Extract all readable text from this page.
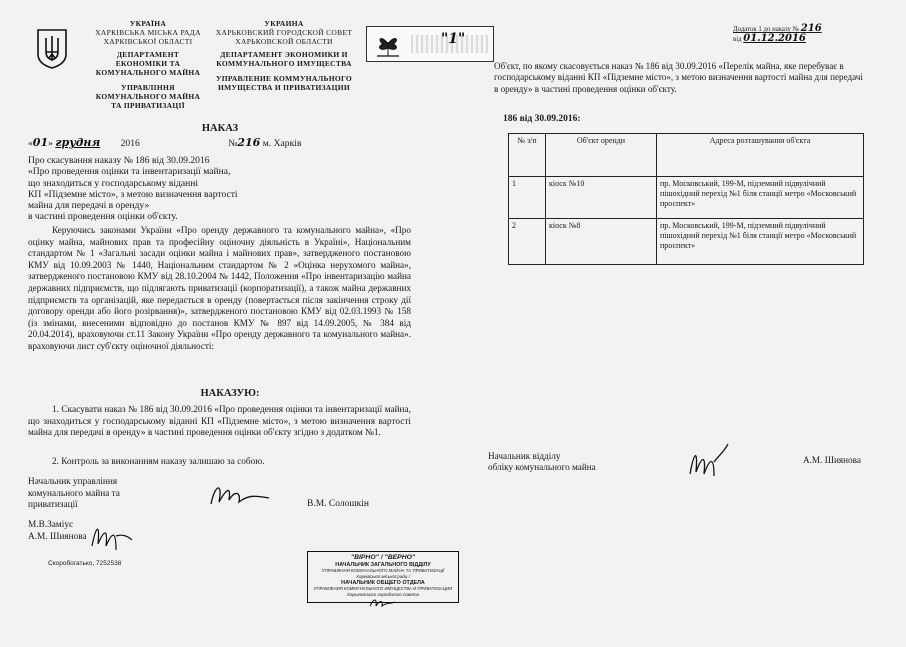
УКРАЇНА
ХАРКІВСЬКА МІСЬКА РАДА
ХАРКІВСЬКОЇ ОБЛАСТІ
ДЕПАРТАМЕНТ
ЕКОНОМІКИ ТА
КОМУНАЛЬНОГО МАЙНА
УПРАВЛІННЯ
КОМУНАЛЬНОГО МАЙНА
ТА ПРИВАТИЗАЦІЇ
УКРАИНА
ХАРЬКОВСКИЙ ГОРОДСКОЙ СОВЕТ
ХАРЬКОВСКОЙ ОБЛАСТИ
ДЕПАРТАМЕНТ ЭКОНОМИКИ И
КОММУНАЛЬНОГО ИМУЩЕСТВА
УПРАВЛЕНИЕ КОММУНАЛЬНОГО
ИМУЩЕСТВА И ПРИВАТИЗАЦИИ
НАКАЗ
«01» грудня 2016	№216 м. Харків
Про скасування наказу № 186 від 30.09.2016
«Про проведення оцінки та інвентаризації майна,
що знаходиться у господарському віданні
КП «Підземне місто», з метою визначення вартості
майна для передачі в оренду»
в частині проведення оцінки об'єкту.
Керуючись законами України «Про оренду державного та комунального майна», «Про оцінку майна, майнових прав та професійну оціночну діяльність в Україні», Національним стандартом № 1 «Загальні засади оцінки майна і майнових прав», затвердженого постановою КМУ від 10.09.2003 № 1440, Національним стандартом № 2 «Оцінка нерухомого майна», затвердженого постановою КМУ від 28.10.2004 № 1442, Положення «Про інвентаризацію майна державних підприємств, що підлягають приватизації (корпоратизації), а також майна державних підприємств та організацій, яке передається в оренду (повертається після закінчення строку дії договору оренди або його розірвання)», затвердженого постановою КМУ від 02.03.1993 № 158 (із змінами, внесеними відповідно до постанов КМУ № 897 від 14.09.2005, № 384 від 20.04.2014), враховуючи ст.11 Закону України «Про оренду державного та комунального майна». враховуючи лист суб'єкту оціночної діяльності:
НАКАЗУЮ:
1. Скасувати наказ № 186 від 30.09.2016 «Про проведення оцінки та інвентаризації майна, що знаходиться у господарському віданні КП «Підземне місто», з метою визначення вартості майна для передачі в оренду» в частині проведення оцінки об'єкту згідно з додатком №1.
2. Контроль за виконанням наказу залишаю за собою.
Начальник управління
комунального майна та
приватизації	В.М. Солошкін
М.В.Заміус
А.М. Шиянова
Скоробогатько, 7252538
"ВІРНО" / "ВЕРНО"
НАЧАЛЬНИК ЗАГАЛЬНОГО ВІДДІЛУ
УПРАВЛІННЯ КОМУНАЛЬНОГО МАЙНА ТА ПРИВАТИЗАЦІЇ
Харківської міської ради /
НАЧАЛЬНИК ОБЩЕГО ОТДЕЛА
УПРАВЛЕНИЯ КОММУНАЛЬНОГО ИМУЩЕСТВА И ПРИВАТИЗАЦИИ
Харьковского городского совета
"1"
Додаток 1 до наказу № 216
від 01.12.2016
Об'єкт, по якому скасовується наказ № 186 від 30.09.2016 «Перелік майна, яке перебуває в господарському віданні КП «Підземне місто», з метою визначення вартості майна для передачі в оренду» в частині проведення оцінки об'єкту.
186 від 30.09.2016:
№ з/п	Об'єкт оренди	Адреса розташування об'єкта
1	кіоск №10	пр. Московський, 199-М, підземний підвулічний пішохідний перехід №1 біля станції метро «Московський проспект»
2	кіоск №8	пр. Московський, 199-М, підземний підвулічний пішохідний перехід №1 біля станції метро «Московський проспект»
Начальник відділу
обліку комунального майна
А.М. Шиянова
